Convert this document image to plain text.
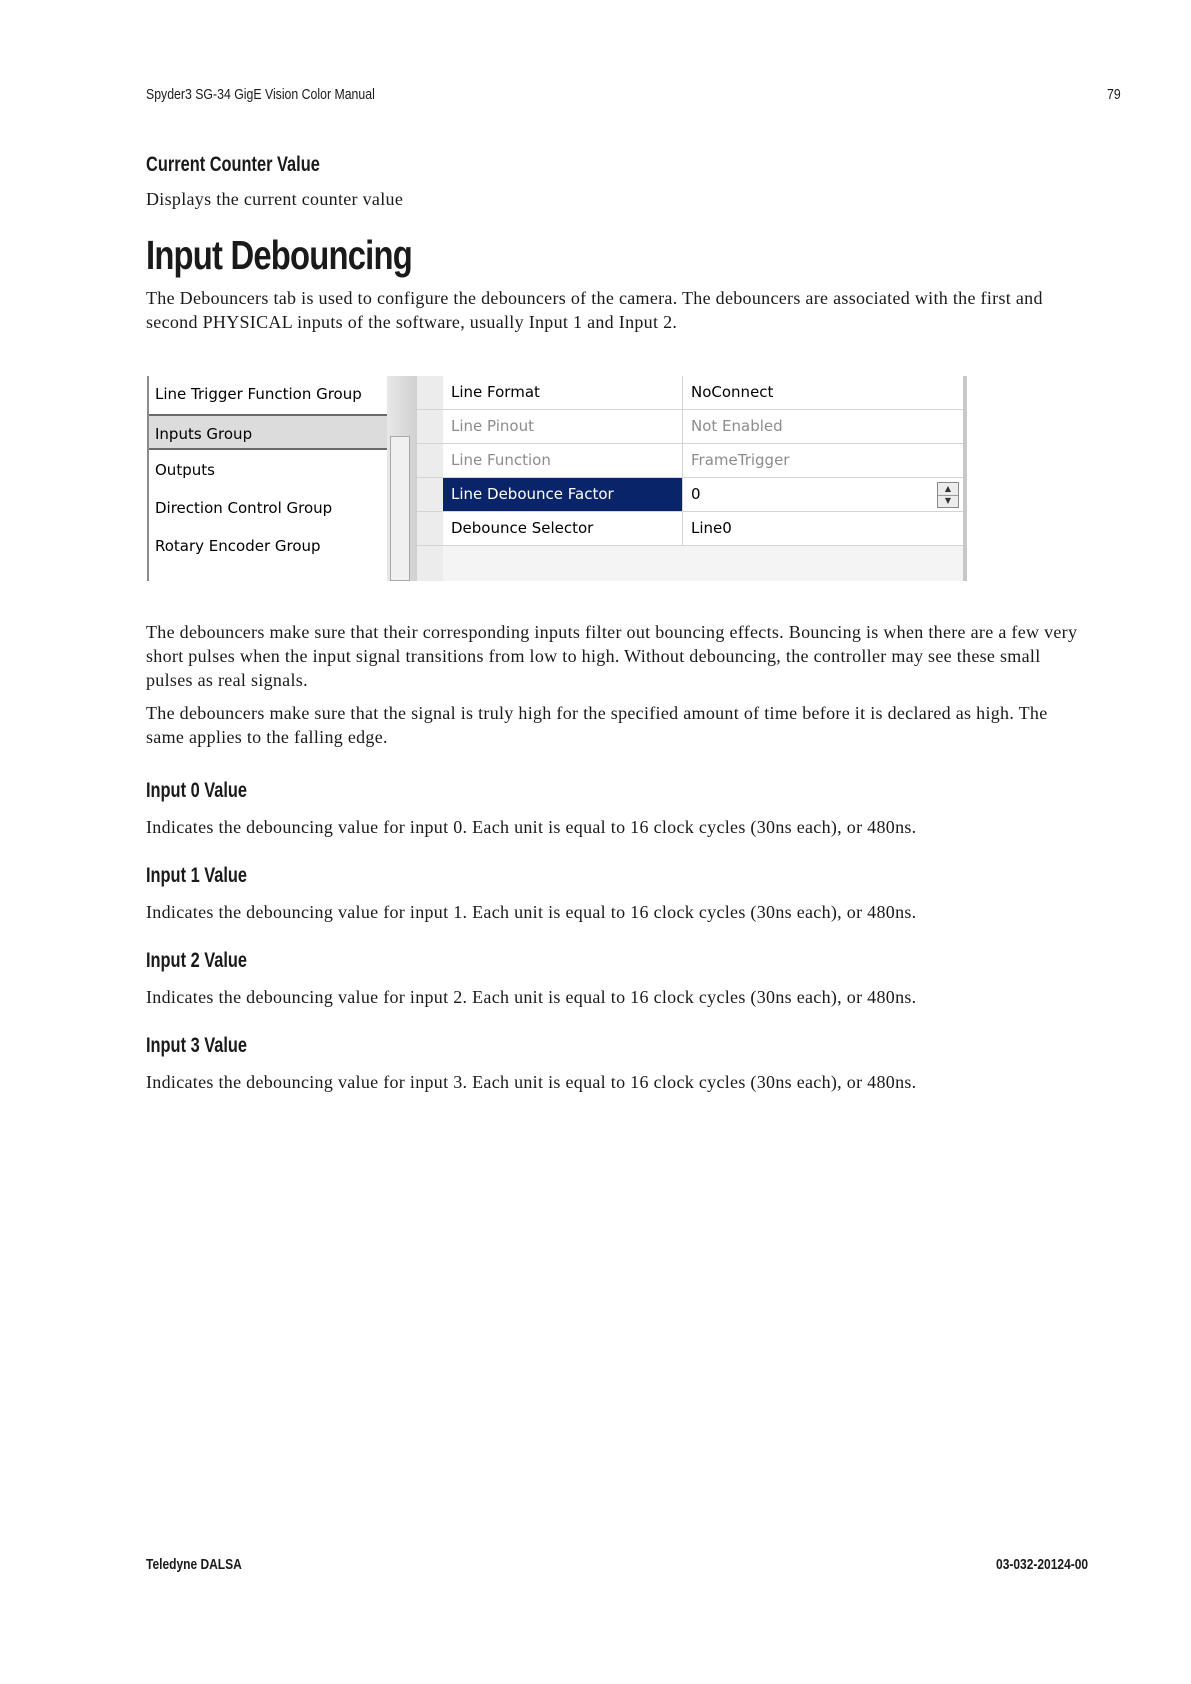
Spyder3 SG-34 GigE Vision Color Manual	79
Current Counter Value

Displays the current counter value

Input Debouncing

The Debouncers tab is used to configure the debouncers of the camera. The debouncers are associated with the first and second PHYSICAL inputs of the software, usually Input 1 and Input 2.

Line Trigger Function Group
Inputs Group
Outputs
Direction Control Group
Rotary Encoder Group
Line Format	NoConnect
Line Pinout	Not Enabled
Line Function	FrameTrigger
Line Debounce Factor	0	▲
▼
Debounce Selector	Line0

The debouncers make sure that their corresponding inputs filter out bouncing effects. Bouncing is when there are a few very short pulses when the input signal transitions from low to high. Without debouncing, the controller may see these small pulses as real signals.

The debouncers make sure that the signal is truly high for the specified amount of time before it is declared as high. The same applies to the falling edge.

Input 0 Value

Indicates the debouncing value for input 0. Each unit is equal to 16 clock cycles (30ns each), or 480ns.

Input 1 Value

Indicates the debouncing value for input 1. Each unit is equal to 16 clock cycles (30ns each), or 480ns.

Input 2 Value

Indicates the debouncing value for input 2. Each unit is equal to 16 clock cycles (30ns each), or 480ns.

Input 3 Value

Indicates the debouncing value for input 3. Each unit is equal to 16 clock cycles (30ns each), or 480ns.

Teledyne DALSA	03-032-20124-00
